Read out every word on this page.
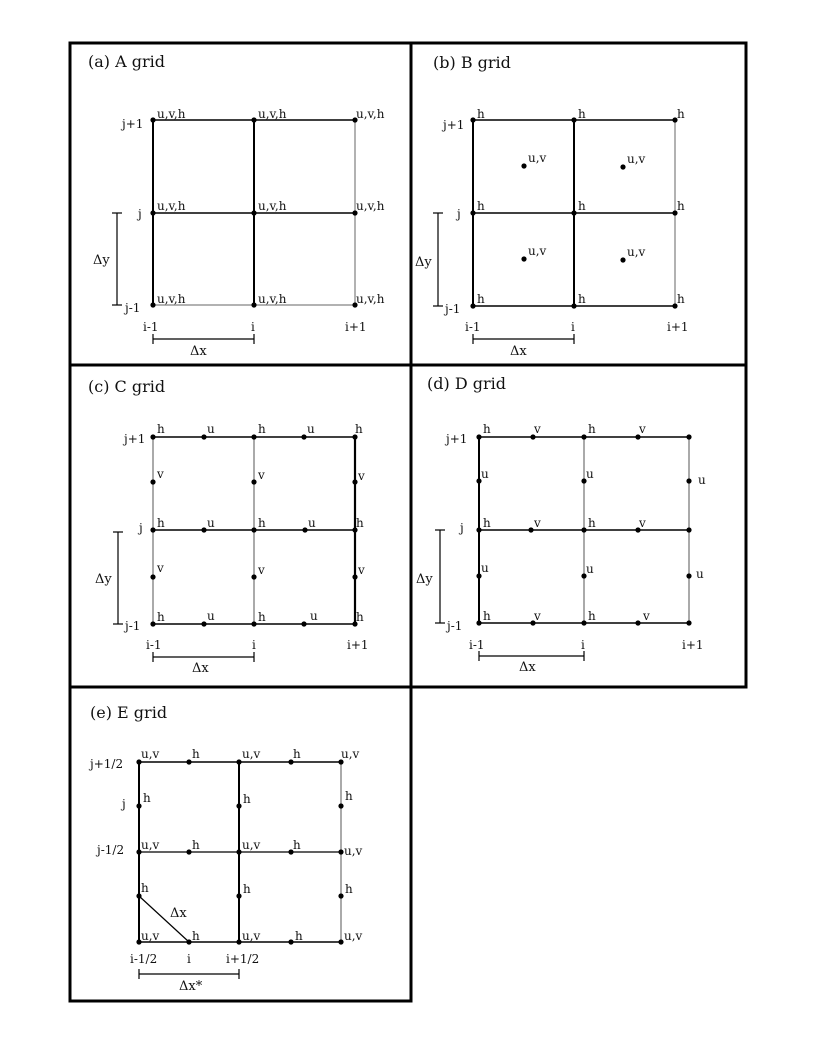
(a) A grid	(b) B grid
(c) C grid	(d) D grid
(e) E grid
u,v,h	u,v,h	u,v,h
u,v,h	u,v,h	u,v,h
u,v,h	u,v,h	u,v,h
j+1
j
j-1
i-1	i	i+1
Δy
Δx
h	h	h
h	h	h
h	h	h
u,v	u,v
u,v	u,v
j+1
j
j-1
i-1	i	i+1
Δy
Δx
h	h	h
h	h	h
h	h	h
u	u
u	u
u	u
v	v	v
v	v	v
j+1
j
j-1
i-1	i	i+1
Δy
Δx
h	h
h	h
h	h
v	v
v	v
v	v
u	u	u
u	u	u
j+1
j
j-1
i-1	i	i+1
Δy
Δx
u,v	u,v	u,v
u,v	u,v	u,v
u,v	u,v	u,v
h	h
h	h
h	h
h	h	h
h	h	h
j+1/2
j
j-1/2
i-1/2 i	i+1/2
Δx
Δx*
